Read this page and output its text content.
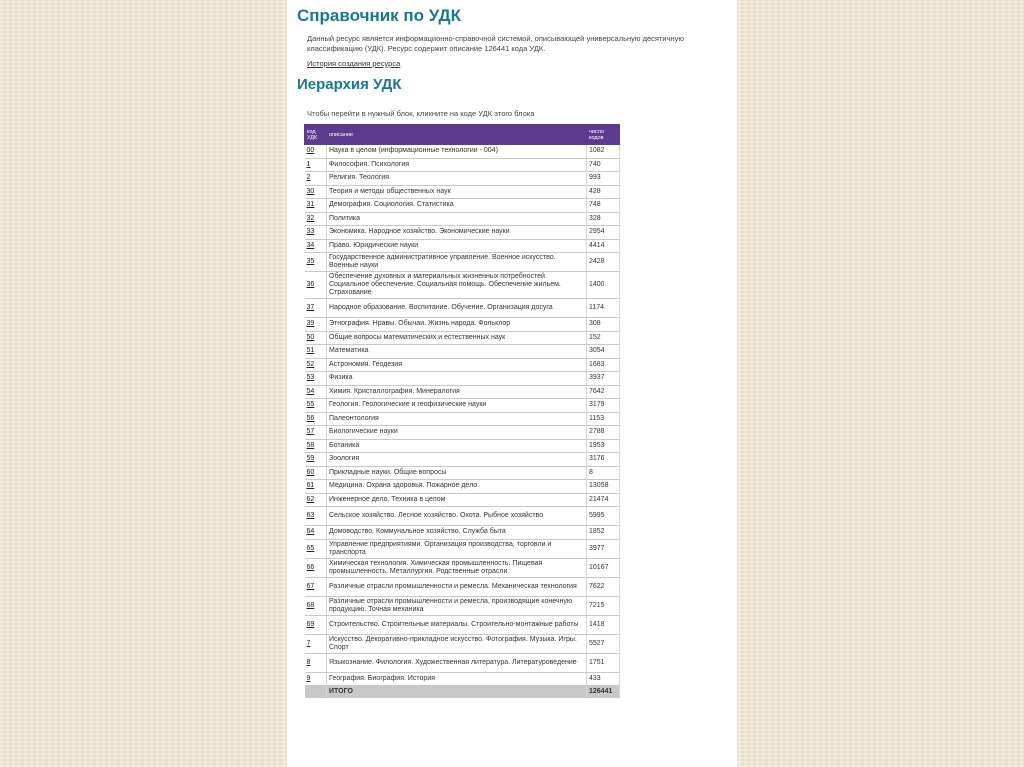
Справочник по УДК
Данный ресурс является информационно-справочной системой, описывающей универсальную десятичную классификацию (УДК). Ресурс содержит описание 126441 кода УДК.
История создания ресурса
Иерархия УДК
Чтобы перейти в нужный блок, кликните на коде УДК этого блока
код УДК	описание	число кодов
00	Наука в целом (информационные технологии - 004)	1082
1	Философия. Психология	740
2	Религия. Теология	993
30	Теория и методы общественных наук	428
31	Демография. Социология. Статистика	748
32	Политика	328
33	Экономика. Народное хозяйство. Экономические науки	2954
34	Право. Юридические науки	4414
35	Государственное административное управление. Военное искусство. Военные науки	2428
36	Обеспечение духовных и материальных жизненных потребностей. Социальное обеспечение. Социальная помощь. Обеспечение жильем. Страхование	1400
37	Народное образование. Воспитание. Обучение. Организация досуга	1174
39	Этнография. Нравы. Обычаи. Жизнь народа. Фольклор	308
50	Общие вопросы математических и естественных наук	152
51	Математика	3054
52	Астрономия. Геодезия	1683
53	Физика	3937
54	Химия. Кристаллография. Минералогия	7642
55	Геология. Геологические и геофизические науки	3179
56	Палеонтология	1153
57	Биологические науки	2788
58	Ботаника	1953
59	Зоология	3176
60	Прикладные науки. Общие вопросы	8
61	Медицина. Охрана здоровья. Пожарное дело	13058
62	Инженерное дело. Техника в целом	21474
63	Сельское хозяйство. Лесное хозяйство. Охота. Рыбное хозяйство	5995
64	Домоводство. Коммунальное хозяйство. Служба быта	1852
65	Управление предприятиями. Организация производства, торговли и транспорта	3977
66	Химическая технология. Химическая промышленность. Пищевая промышленность. Металлургия. Родственные отрасли	10167
67	Различные отрасли промышленности и ремесла. Механическая технология	7622
68	Различные отрасли промышленности и ремесла, производящие конечную продукцию. Точная механика	7215
69	Строительство. Строительные материалы. Строительно-монтажные работы	1418
7	Искусство. Декоративно-прикладное искусство. Фотография. Музыка. Игры. Спорт	5527
8	Языкознание. Филология. Художественная литература. Литературоведение	1751
9	География. Биография. История	433
	ИТОГО	126441
